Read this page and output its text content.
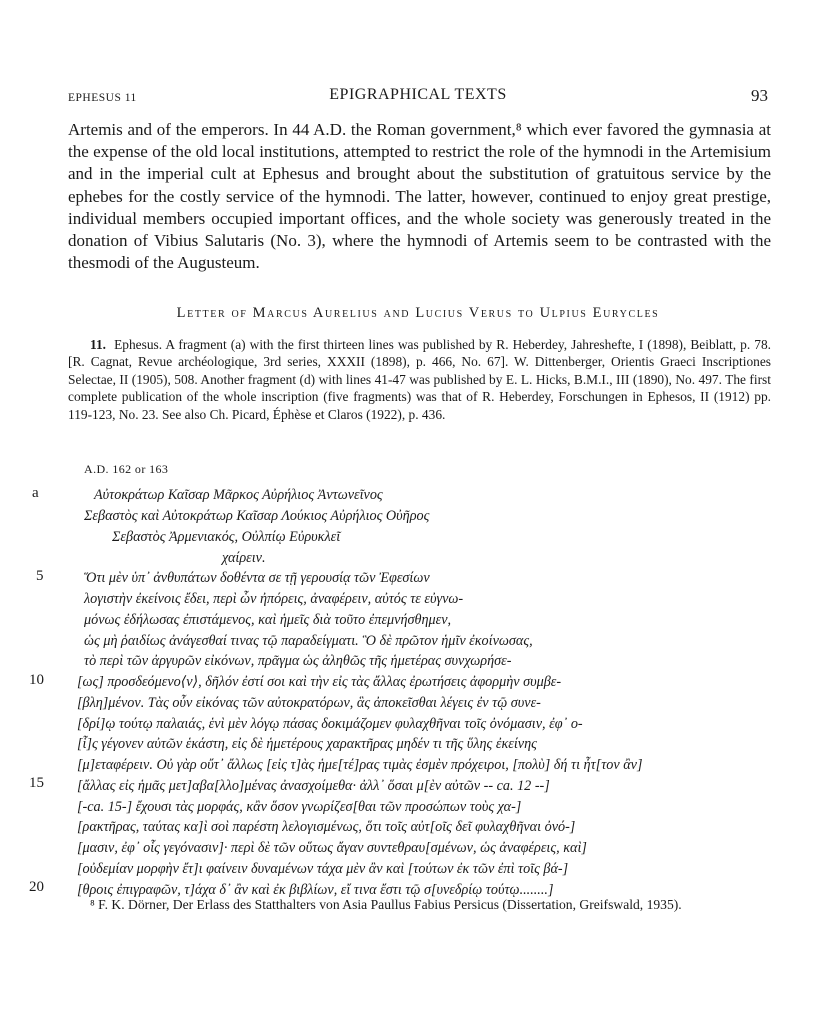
EPHESUS 11	EPIGRAPHICAL TEXTS	93

Artemis and of the emperors. In 44 A.D. the Roman government,⁸ which ever favored the gymnasia at the expense of the old local institutions, attempted to restrict the role of the hymnodi in the Artemisium and in the imperial cult at Ephesus and brought about the substitution of gratuitous service by the ephebes for the costly service of the hymnodi. The latter, however, continued to enjoy great prestige, individual members occupied important offices, and the whole society was generously treated in the donation of Vibius Salutaris (No. 3), where the hymnodi of Artemis seem to be contrasted with the thesmodi of the Augusteum.

Letter of Marcus Aurelius and Lucius Verus to Ulpius Eurycles

11. Ephesus. A fragment (a) with the first thirteen lines was published by R. Heberdey, Jahreshefte, I (1898), Beiblatt, p. 78. [R. Cagnat, Revue archéologique, 3rd series, XXXII (1898), p. 466, No. 67]. W. Dittenberger, Orientis Graeci Inscriptiones Selectae, II (1905), 508. Another fragment (d) with lines 41-47 was published by E. L. Hicks, B.M.I., III (1890), No. 497. The first complete publication of the whole inscription (five fragments) was that of R. Heberdey, Forschungen in Ephesos, II (1912) pp. 119-123, No. 23. See also Ch. Picard, Éphèse et Claros (1922), p. 436.

A.D. 162 or 163
a
5
10
15
20
Αὐτοκράτωρ Καῖσαρ Μᾶρκος Αὐρήλιος Ἀντωνεῖνος
Σεβαστὸς καὶ Αὐτοκράτωρ Καῖσαρ Λούκιος Αὐρήλιος Οὐῆρος
Σεβαστὸς Ἀρμενιακός, Οὐλπίῳ Εὐρυκλεῖ
χαίρειν.
Ὅτι μὲν ὑπ᾽ ἀνθυπάτων δοθέντα σε τῇ γερουσίᾳ τῶν Ἐφεσίων
λογιστὴν ἐκείνοις ἔδει, περὶ ὧν ἠπόρεις, ἀναφέρειν, αὐτός τε εὐγνω-
μόνως ἐδήλωσας ἐπιστάμενος, καὶ ἡμεῖς διὰ τοῦτο ἐπεμνήσθημεν,
ὡς μὴ ῥαιδίως ἀνάγεσθαί τινας τῷ παραδείγματι. Ὃ δὲ πρῶτον ἡμῖν ἐκοίνωσας,
τὸ περὶ τῶν ἀργυρῶν εἰκόνων, πρᾶγμα ὡς ἀληθῶς τῆς ἡμετέρας συνχωρήσε-
[ως] προσδεόμενο⟨ν⟩, δῆλόν ἐστί σοι καὶ τὴν εἰς τὰς ἄλλας ἐρωτήσεις ἀφορμὴν συμβε-
[βλη]μένον. Τὰς οὖν εἰκόνας τῶν αὐτοκρατόρων, ἃς ἀποκεῖσθαι λέγεις ἐν τῷ συνε-
[δρί]ῳ τούτῳ παλαιάς, ἑνὶ μὲν λόγῳ πάσας δοκιμάζομεν φυλαχθῆναι τοῖς ὀνόμασιν, ἐφ᾽ ο-
[ἷ]ς γέγονεν αὐτῶν ἑκάστη, εἰς δὲ ἡμετέρους χαρακτῆρας μηδέν τι τῆς ὕλης ἐκείνης
[μ]εταφέρειν. Οὐ γὰρ οὔτ᾽ ἄλλως [εἰς τ]ὰς ἡμε[τέ]ρας τιμὰς ἐσμὲν πρόχειροι, [πολὺ] δή τι ἦτ[τον ἂν]
[ἄλλας εἰς ἡμᾶς μετ]αβα[λλο]μένας ἀνασχοίμεθα· ἀλλ᾽ ὅσαι μ[ὲν αὐτῶν -- ca. 12 --]
[-ca. 15-] ἔχουσι τὰς μορφάς, κἂν ὅσον γνωρίζεσ[θαι τῶν προσώπων τοὺς χα-]
[ρακτῆρας, ταύτας κα]ὶ σοὶ παρέστη λελογισμένως, ὅτι τοῖς αὐτ[οῖς δεῖ φυλαχθῆναι ὀνό-]
[μασιν, ἐφ᾽ οἷς γεγόνασιν]· περὶ δὲ τῶν οὕτως ἄγαν συντεθραυ[σμένων, ὡς ἀναφέρεις, καὶ]
[οὐδεμίαν μορφὴν ἔτ]ι φαίνειν δυναμένων τάχα μὲν ἂν καὶ [τούτων ἐκ τῶν ἐπὶ τοῖς βά-]
[θροις ἐπιγραφῶν, τ]άχα δ᾽ ἂν καὶ ἐκ βιβλίων, εἴ τινα ἔστι τῷ σ[υνεδρίῳ τούτῳ........]

⁸ F. K. Dörner, Der Erlass des Statthalters von Asia Paullus Fabius Persicus (Dissertation, Greifswald, 1935).
